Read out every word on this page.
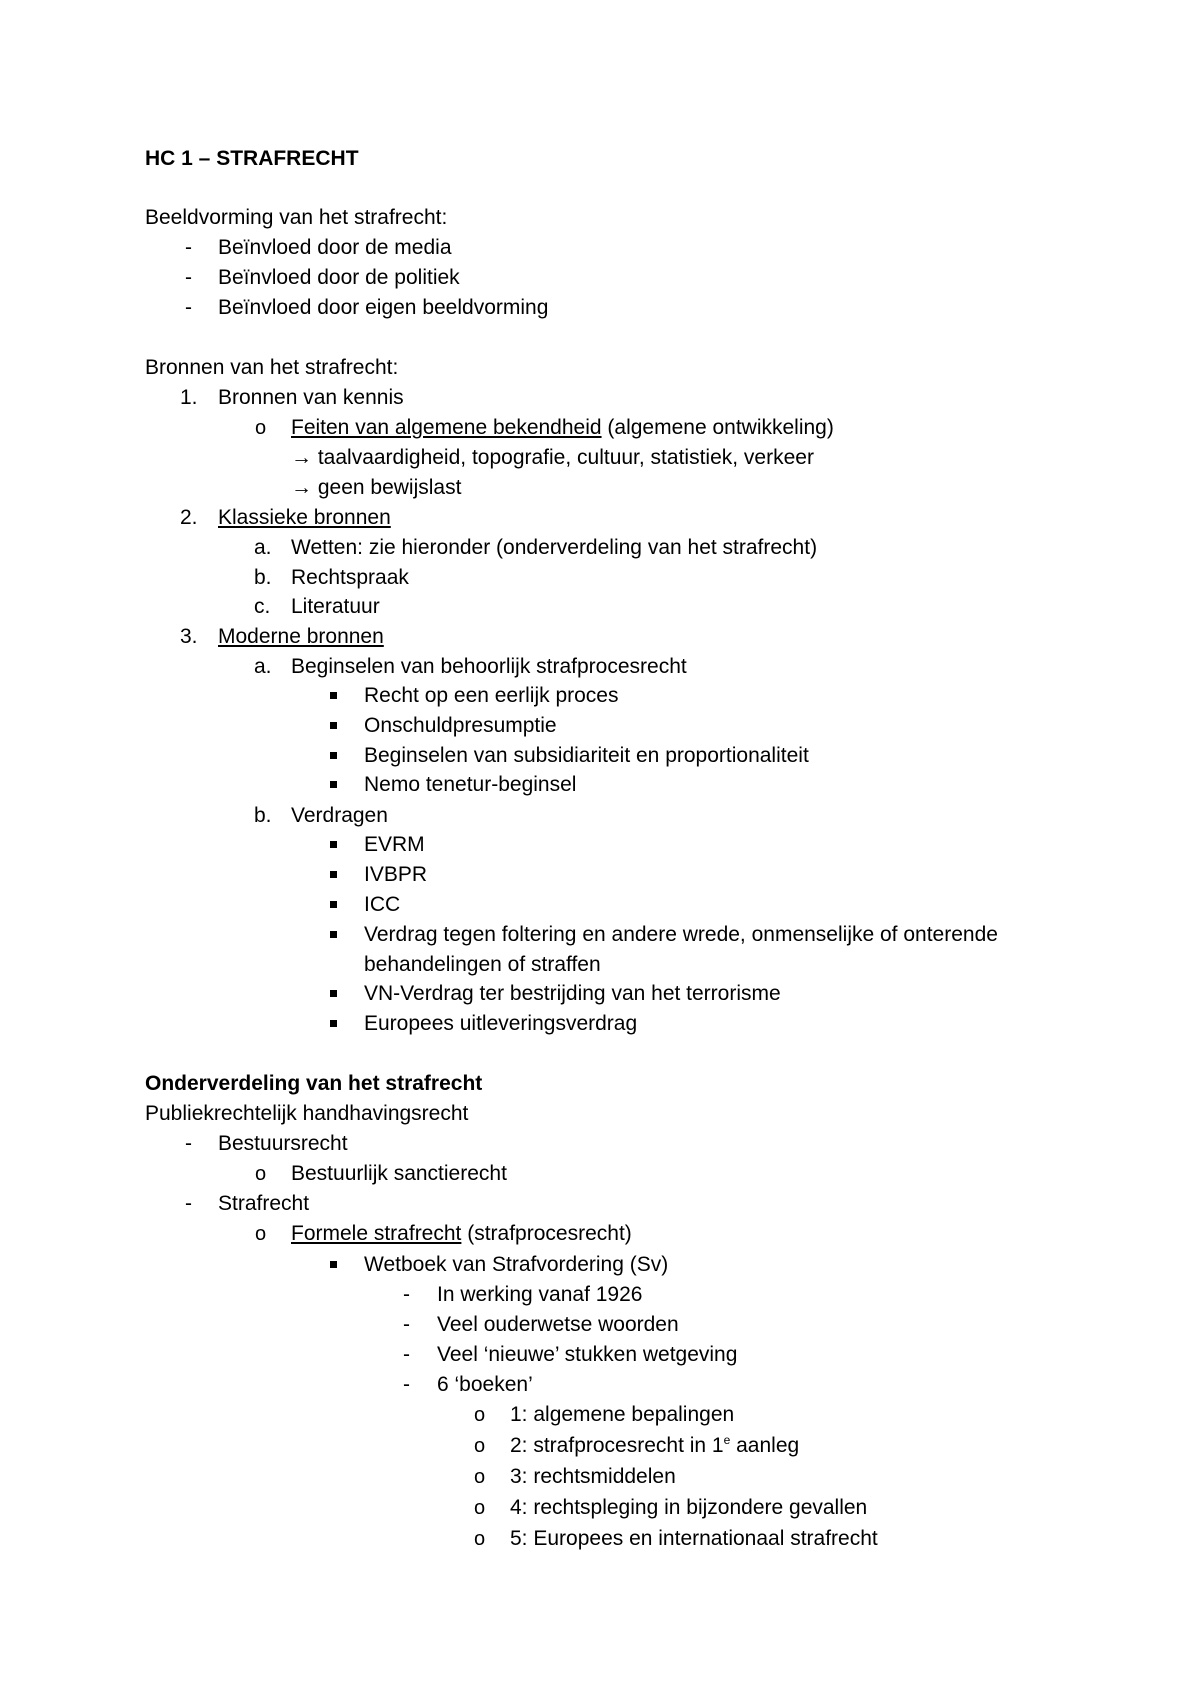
HC 1 – STRAFRECHT
Beeldvorming van het strafrecht:
- Beïnvloed door de media
- Beïnvloed door de politiek
- Beïnvloed door eigen beeldvorming
Bronnen van het strafrecht:
1. Bronnen van kennis
o Feiten van algemene bekendheid (algemene ontwikkeling)
→ taalvaardigheid, topografie, cultuur, statistiek, verkeer
→ geen bewijslast
2. Klassieke bronnen
a. Wetten: zie hieronder (onderverdeling van het strafrecht)
b. Rechtspraak
c. Literatuur
3. Moderne bronnen
a. Beginselen van behoorlijk strafprocesrecht
Recht op een eerlijk proces
Onschuldpresumptie
Beginselen van subsidiariteit en proportionaliteit
Nemo tenetur-beginsel
b. Verdragen
EVRM
IVBPR
ICC
Verdrag tegen foltering en andere wrede, onmenselijke of onterende
behandelingen of straffen
VN-Verdrag ter bestrijding van het terrorisme
Europees uitleveringsverdrag
Onderverdeling van het strafrecht
Publiekrechtelijk handhavingsrecht
- Bestuursrecht
o Bestuurlijk sanctierecht
- Strafrecht
o Formele strafrecht (strafprocesrecht)
Wetboek van Strafvordering (Sv)
- In werking vanaf 1926
- Veel ouderwetse woorden
- Veel ‘nieuwe’ stukken wetgeving
- 6 ‘boeken’
o 1: algemene bepalingen
o 2: strafprocesrecht in 1e aanleg
o 3: rechtsmiddelen
o 4: rechtspleging in bijzondere gevallen
o 5: Europees en internationaal strafrecht
